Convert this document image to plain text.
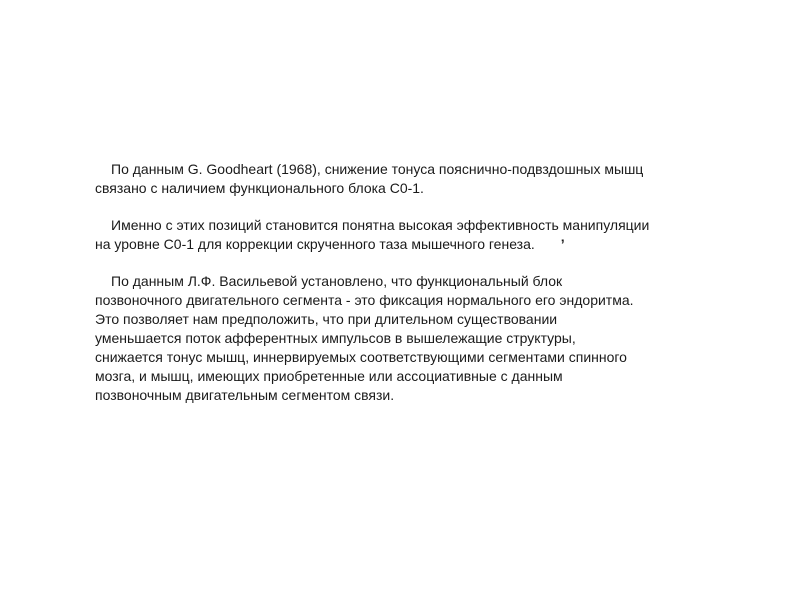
По данным G. Goodheart (1968), снижение тонуса пояснично-подвздошных мышц
связано с наличием функционального блока С0-1.
Именно с этих позиций становится понятна высокая эффективность манипуляции
на уровне С0-1 для коррекции скрученного таза мышечного генеза. ’
По данным Л.Ф. Васильевой установлено, что функциональный блок
позвоночного двигательного сегмента - это фиксация нормального его эндоритма.
Это позволяет нам предположить, что при длительном существовании
уменьшается поток афферентных импульсов в вышележащие структуры,
снижается тонус мышц, иннервируемых соответствующими сегментами спинного
мозга, и мышц, имеющих приобретенные или ассоциативные с данным
позвоночным двигательным сегментом связи.
